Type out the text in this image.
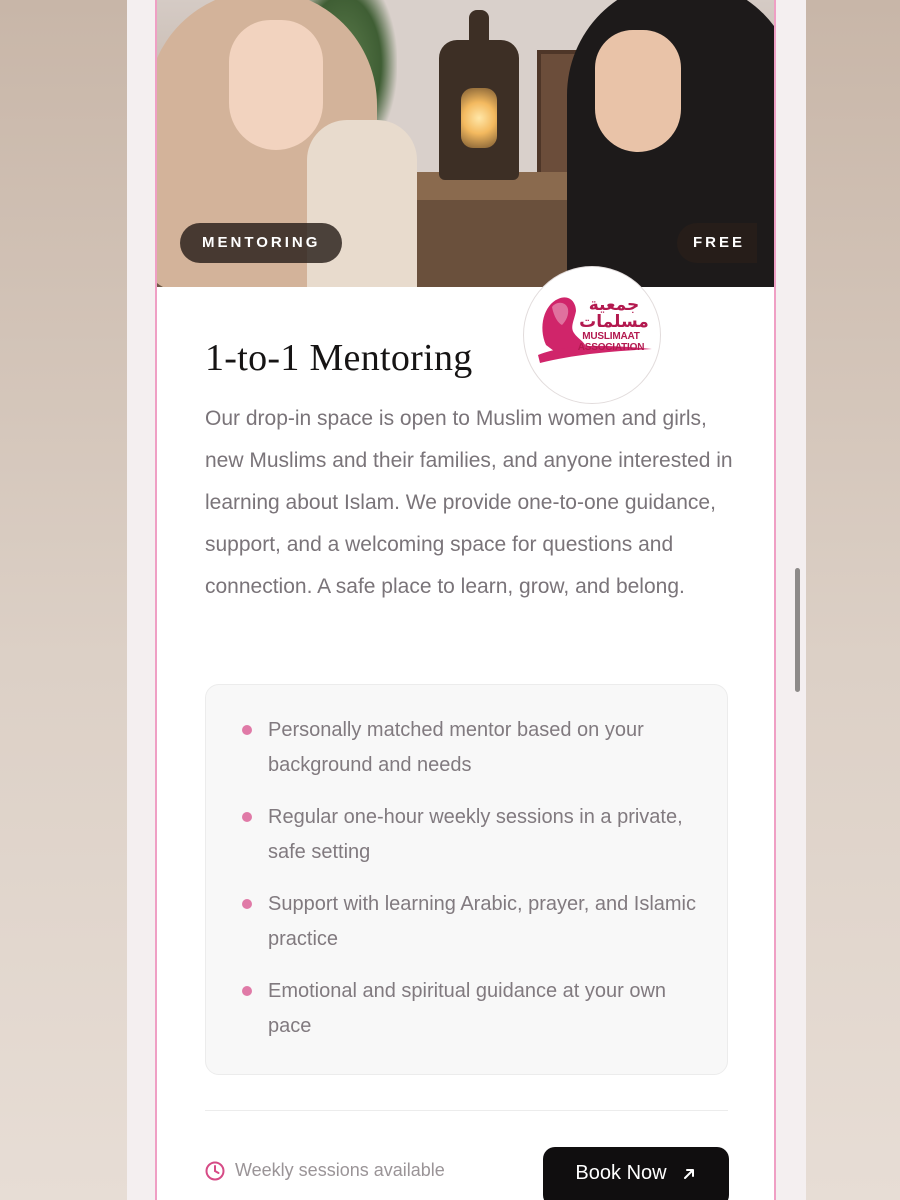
MENTORING	FREE
جمعية
مسلمات
MUSLIMAAT
ASSOCIATION
1-to-1 Mentoring

Our drop-in space is open to Muslim women and girls, new Muslims and their families, and anyone interested in learning about Islam. We provide one-to-one guidance, support, and a welcoming space for questions and connection. A safe place to learn, grow, and belong.

Personally matched mentor based on your background and needs
Regular one-hour weekly sessions in a private, safe setting
Support with learning Arabic, prayer, and Islamic practice
Emotional and spiritual guidance at your own pace
Weekly sessions available	Book Now
